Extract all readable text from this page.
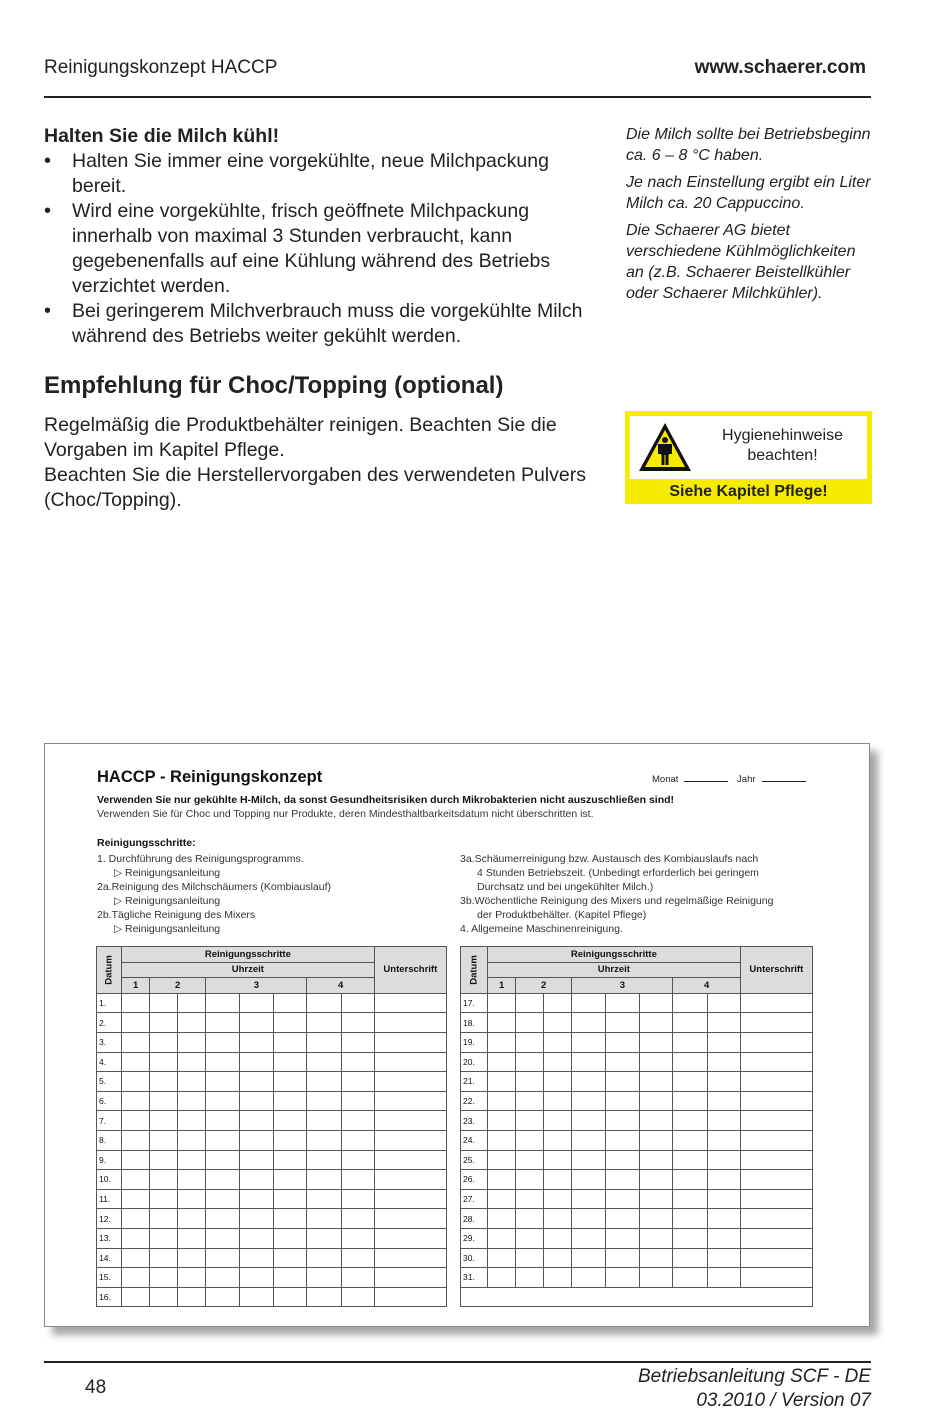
Reinigungskonzept HACCP	www.schaerer.com
Halten Sie die Milch kühl!
• Halten Sie immer eine vorgekühlte, neue Milchpackung bereit.
• Wird eine vorgekühlte, frisch geöffnete Milchpackung innerhalb von maximal 3 Stunden verbraucht, kann gegebenenfalls auf eine Kühlung während des Betriebs verzichtet werden.
• Bei geringerem Milchverbrauch muss die vorgekühlte Milch während des Betriebs weiter gekühlt werden.
Empfehlung für Choc/Topping (optional)

Regelmäßig die Produktbehälter reinigen. Beachten Sie die Vorgaben im Kapitel Pflege.

Beachten Sie die Herstellervorgaben des verwendeten Pulvers (Choc/Topping).

Die Milch sollte bei Betriebsbeginn ca. 6 – 8 °C haben.

Je nach Einstellung ergibt ein Liter Milch ca. 20 Cappuccino.

Die Schaerer AG bietet verschiedene Kühlmöglichkeiten an (z.B. Schaerer Beistellkühler oder Schaerer Milchkühler).

Hygienehinweise beachten!
Siehe Kapitel Pflege!
HACCP - Reinigungskonzept	Monat	Jahr
Verwenden Sie nur gekühlte H-Milch, da sonst Gesundheitsrisiken durch Mikrobakterien nicht auszuschließen sind!
Verwenden Sie für Choc und Topping nur Produkte, deren Mindesthaltbarkeitsdatum nicht überschritten ist.
Reinigungsschritte:
1. Durchführung des Reinigungsprogramms.
▷ Reinigungsanleitung
2a.Reinigung des Milchschäumers (Kombiauslauf)
▷ Reinigungsanleitung
2b.Tägliche Reinigung des Mixers
▷ Reinigungsanleitung
3a.Schäumerreinigung bzw. Austausch des Kombiauslaufs nach
4 Stunden Betriebszeit. (Unbedingt erforderlich bei geringem
Durchsatz und bei ungekühlter Milch.)
3b.Wöchentliche Reinigung des Mixers und regelmäßige Reinigung
der Produktbehälter. (Kapitel Pflege)
4. Allgemeine Maschinenreinigung.
Datum	Reinigungsschritte								Unterschrift
	Uhrzeit								
	1	2		3			4		
1.									
2.									
3.									
4.									
5.									
6.									
7.									
8.									
9.									
10.									
11.									
12.									
13.									
14.									
15.									
16.									
Datum	Reinigungsschritte								Unterschrift
	Uhrzeit								
	1	2		3			4		
17.									
18.									
19.									
20.									
21.									
22.									
23.									
24.									
25.									
26.									
27.									
28.									
29.									
30.									
31.									

48
Betriebsanleitung SCF - DE
03.2010 / Version 07
